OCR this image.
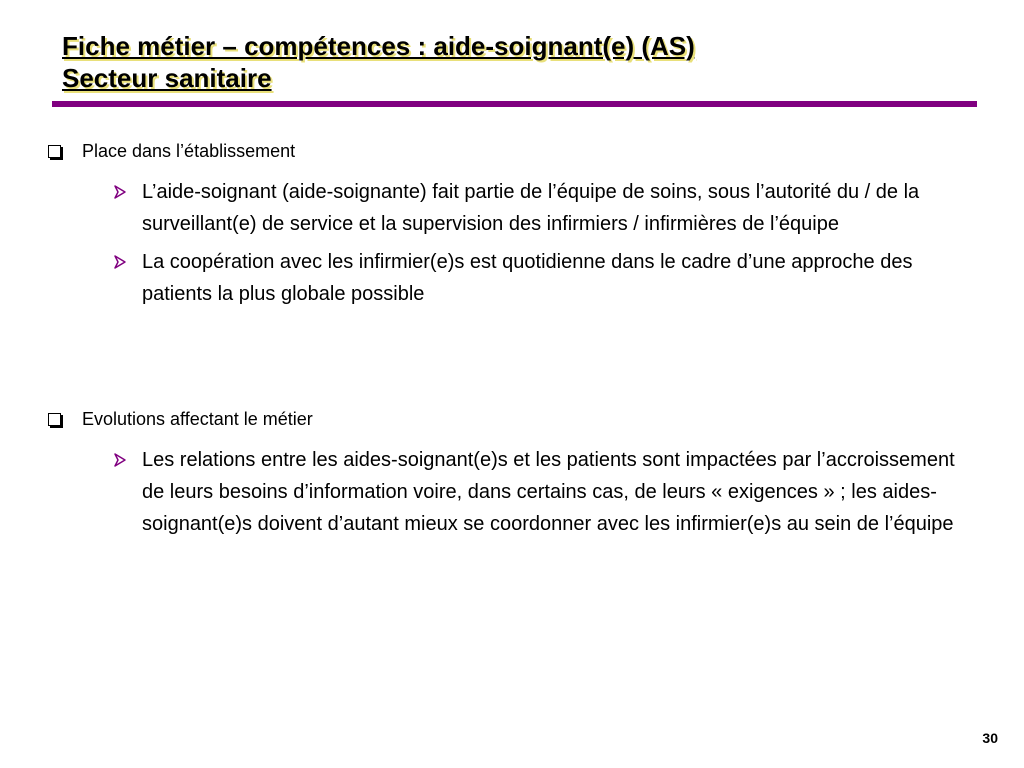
Fiche métier – compétences : aide-soignant(e) (AS)
Secteur sanitaire
Place dans l’établissement
L’aide-soignant (aide-soignante) fait partie de l’équipe de soins, sous l’autorité du / de la surveillant(e) de service et la supervision des infirmiers / infirmières de l’équipe
La coopération avec les infirmier(e)s est quotidienne dans le cadre d’une approche des patients la plus globale possible
Evolutions affectant le métier
Les relations entre les aides-soignant(e)s et les patients sont impactées par l’accroissement de leurs besoins d’information voire, dans certains cas, de leurs « exigences » ; les aides-soignant(e)s doivent d’autant mieux se coordonner avec les infirmier(e)s au sein de l’équipe
30
